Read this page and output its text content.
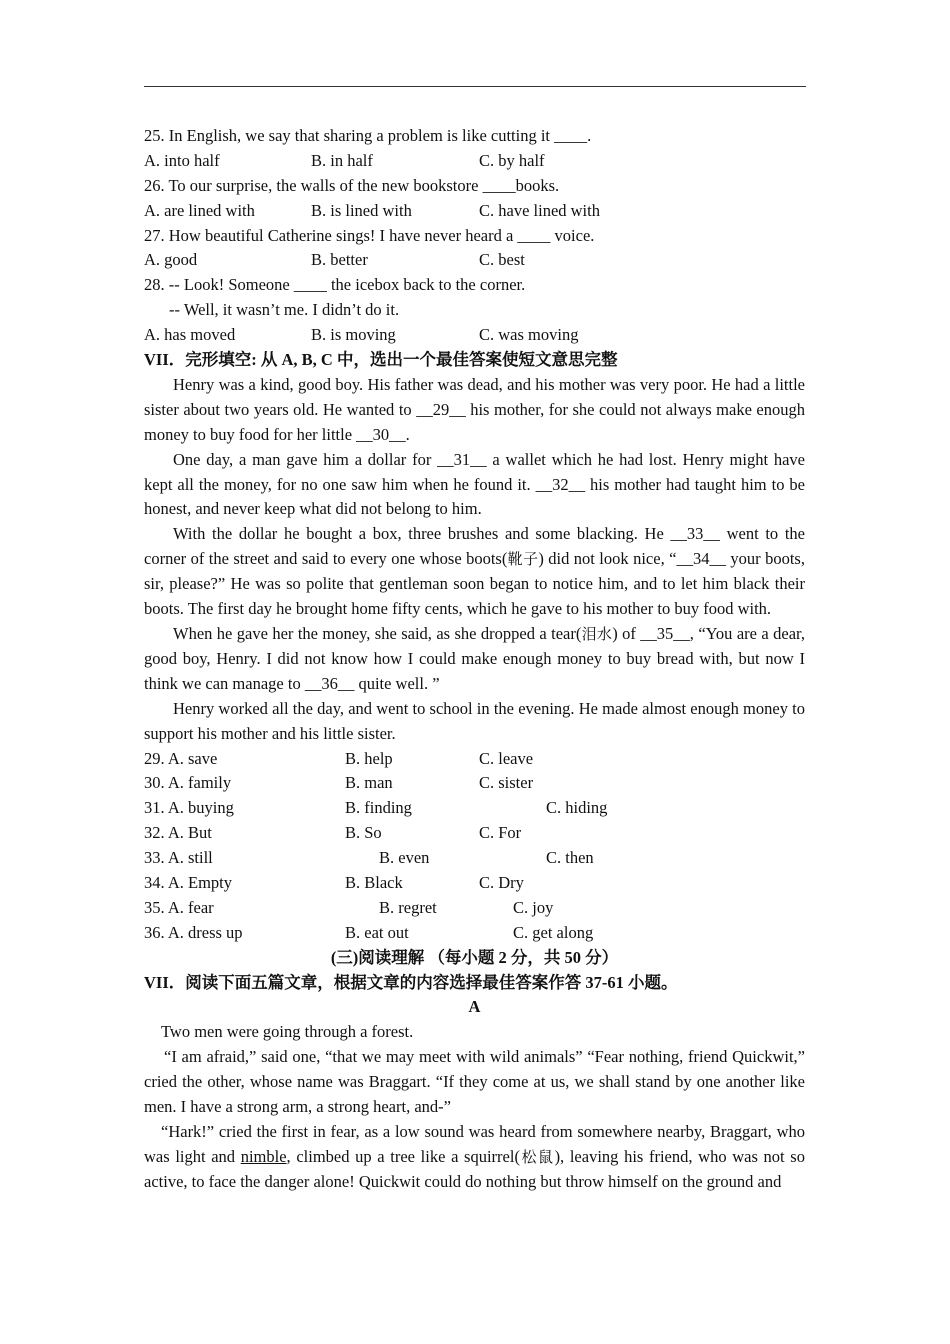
25. In English, we say that sharing a problem is like cutting it ____.
A. into half	B. in half	C. by half
26. To our surprise, the walls of the new bookstore ____books.
A. are lined with	B. is lined with	C. have lined with
27. How beautiful Catherine sings! I have never heard a ____ voice.
A. good	B. better	C. best
28. -- Look! Someone ____ the icebox back to the corner.
-- Well, it wasn’t me. I didn’t do it.
A. has moved	B. is moving	C. was moving
VII．完形填空: 从 A, B, C 中，选出一个最佳答案使短文意思完整

Henry was a kind, good boy. His father was dead, and his mother was very poor. He had a little sister about two years old. He wanted to __29__ his mother, for she could not always make enough money to buy food for her little __30__.

One day, a man gave him a dollar for __31__ a wallet which he had lost. Henry might have kept all the money, for no one saw him when he found it. __32__ his mother had taught him to be honest, and never keep what did not belong to him.

With the dollar he bought a box, three brushes and some blacking. He __33__ went to the corner of the street and said to every one whose boots(靴子) did not look nice, “__34__ your boots, sir, please?” He was so polite that gentleman soon began to notice him, and to let him black their boots. The first day he brought home fifty cents, which he gave to his mother to buy food with.

When he gave her the money, she said, as she dropped a tear(泪水) of __35__, “You are a dear, good boy, Henry. I did not know how I could make enough money to buy bread with, but now I think we can manage to __36__ quite well. ”

Henry worked all the day, and went to school in the evening. He made almost enough money to support his mother and his little sister.

29. A. save	B. help	C. leave
30. A. family	B. man	C. sister
31. A. buying	B. finding	C. hiding
32. A. But	B. So	C. For
33. A. still	B. even	C. then
34. A. Empty	B. Black	C. Dry
35. A. fear	B. regret	C. joy
36. A. dress up	B. eat out	C. get along
(三)阅读理解 （每小题 2 分，共 50 分）
VII．阅读下面五篇文章，根据文章的内容选择最佳答案作答 37-61 小题。
A

Two men were going through a forest.

“I am afraid,” said one, “that we may meet with wild animals” “Fear nothing, friend Quickwit,” cried the other, whose name was Braggart. “If they come at us, we shall stand by one another like men. I have a strong arm, a strong heart, and-”

“Hark!” cried the first in fear, as a low sound was heard from somewhere nearby, Braggart, who was light and nimble, climbed up a tree like a squirrel(松鼠), leaving his friend, who was not so active, to face the danger alone! Quickwit could do nothing but throw himself on the ground and
